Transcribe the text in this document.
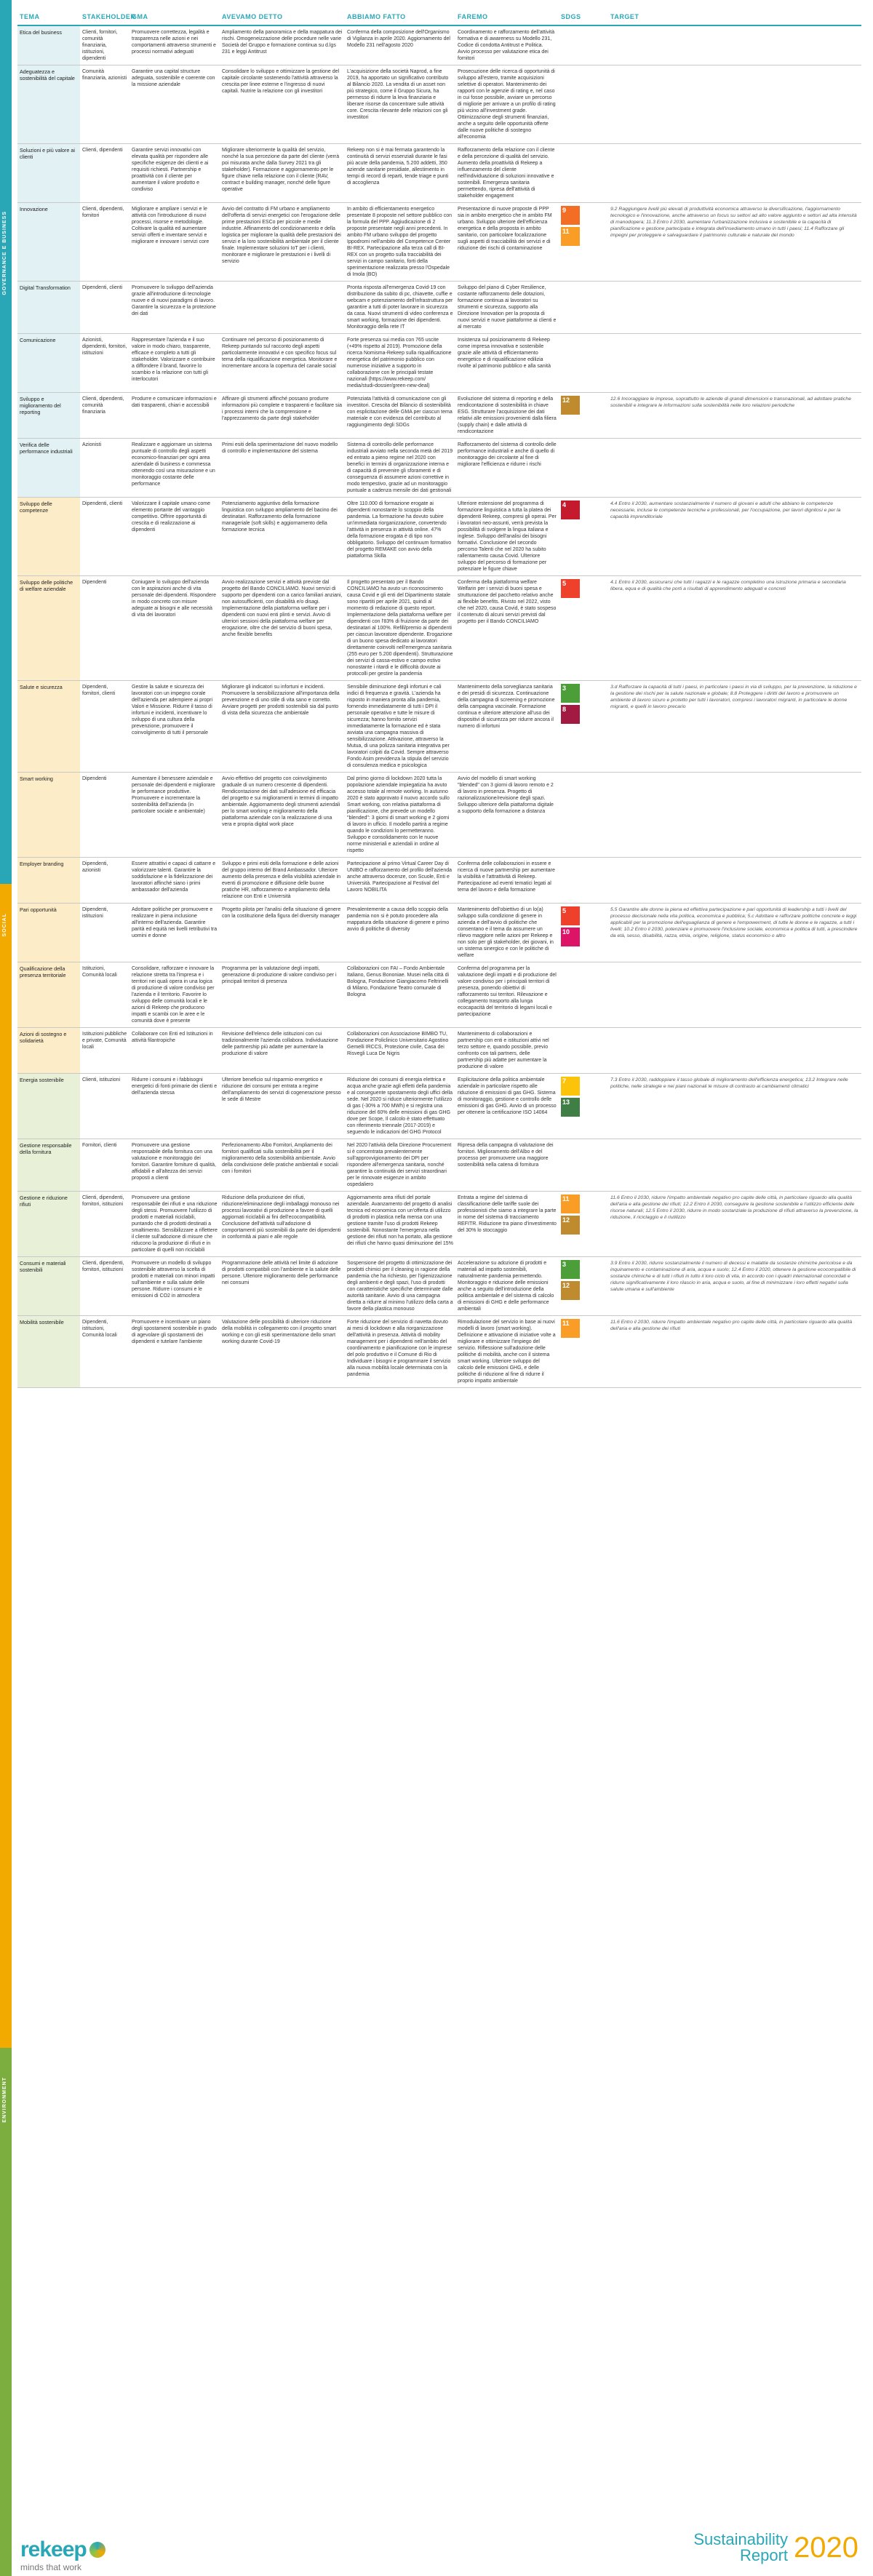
GOVERNANCE E BUSINESS
SOCIAL
ENVIRONMENT
TEMA	STAKEHOLDER
GMA	AVEVAMO DETTO	ABBIAMO FATTO	FAREMO	SDGS	TARGET
Etica del business	Clienti, fornitori, comunità finanziaria, istituzioni, dipendenti
Promuovere correttezza, legalità e trasparenza nelle azioni e nei comportamenti attraverso strumenti e processi normativi adeguati
Ampliamento della panoramica e della mappatura dei rischi. Omogeneizzazione delle procedure nelle varie Società del Gruppo e formazione continua su d.lgs 231 e leggi Antitrust
Conferma della composizione dell'Organismo di Vigilanza in aprile 2020. Aggiornamento del Modello 231 nell'agosto 2020
Coordinamento e rafforzamento dell'attività formativa e di awareness su Modello 231, Codice di condotta Antitrust e Politica. Avvio processo per valutazione etica dei fornitori
Adeguatezza e sostenibilità del capitale
Comunità finanziaria, azionisti
Garantire una capital structure adeguata, sostenibile e coerente con la missione aziendale
Consolidare lo sviluppo e ottimizzare la gestione del capitale circolante sostenendo l'attività attraverso la crescita per linee esterne e l'ingresso di nuovi capitali. Nutrire la relazione con gli investitori
L'acquisizione della società Naprod, a fine 2019, ha apportato un significativo contributo al Bilancio 2020. La vendita di un asset non più strategico, come il Gruppo Sicura, ha permesso di ridurre la leva finanziaria e liberare risorse da concentrare sulle attività core. Crescita rilevante delle relazioni con gli investitori
Prosecuzione delle ricerca di opportunità di sviluppo all'estero, tramite acquisizioni selettive di operatori. Mantenimento dei rapporti con le agenzie di rating e, nel caso in cui fosse possibile, avviare un percorso di migliorie per arrivare a un profilo di rating più vicino all'investment grade. Ottimizzazione degli strumenti finanziari, anche a seguito delle opportunità offerte dalle nuove politiche di sostegno all'economia
Soluzioni e più valore ai clienti
Clienti, dipendenti	Garantire servizi innovativi con elevata qualità per rispondere alle specifiche esigenze dei clienti e ai requisiti richiesti. Partnership e proattività con il cliente per aumentare il valore prodotto e condiviso
Migliorare ulteriormente la qualità del servizio, nonché la sua percezione da parte del cliente (verrà poi misurata anche dalla Survey 2021 tra gli stakeholder). Formazione e aggiornamento per le figure chiave nella relazione con il cliente (RAV, contract e building manager, nonché delle figure operative
Rekeep non si è mai fermata garantendo la continuità di servizi essenziali durante le fasi più acute della pandemia, 5.200 addetti, 350 aziende sanitarie presidiate, allestimento in tempi di record di reparti, tende triage e punti di accoglienza
Rafforzamento della relazione con il cliente e della percezione di qualità del servizio. Aumento della proattività di Rekeep a influenzamento del cliente nell'individuazione di soluzioni innovative e sostenibili. Emergenza sanitaria permettendo, ripresa dell'attività di stakeholder engagement
Innovazione	Clienti, dipendenti, fornitori
Migliorare e ampliare i servizi e le attività con l'introduzione di nuovi processi, risorse e metodologie. Coltivare la qualità ed aumentare servizi offerti e inventare servizi e migliorare e innovare i servizi core
Avvio del contratto di FM urbano e ampliamento dell'offerta di servizi energetici con l'erogazione delle prime prestazioni ESCo per piccole e medie industrie. Affinamento del condizionamento e della logistica per migliorare la qualità delle prestazioni dei servizi e la loro sostenibilità ambientale per il cliente finale. Implementare soluzioni IoT per i clienti, monitorare e migliorare le prestazioni e i livelli di servizio
In ambito di efficientamento energetico presentate 8 proposte nel settore pubblico con la formula del PPP. Aggiudicazione di 2 proposte presentate negli anni precedenti. In ambito FM urbano sviluppo del progetto Ippodromi nell'ambito del Competence Center BI-REX. Partecipazione alla terza call di BI-REX con un progetto sulla tracciabilità dei servizi in campo sanitario, forti della sperimentazione realizzata presso l'Ospedale di Imola (BO)
Presentazione di nuove proposte di PPP sia in ambito energetico che in ambito FM urbano. Sviluppo ulteriore dell'efficienza energetica e della proposta in ambito sanitario, con particolare focalizzazione sugli aspetti di tracciabilità dei servizi e di riduzione dei rischi di contaminazione
9
11
9.2 Raggiungere livelli più elevati di produttività economica attraverso la diversificazione, l'aggiornamento tecnologico e l'innovazione, anche attraverso un focus su settori ad alto valore aggiunto e settori ad alta intensità di manodopera; 11.3 Entro il 2030, aumentare l'urbanizzazione inclusiva e sostenibile e la capacità di pianificazione e gestione partecipata e integrata dell'insediamento umano in tutti i paesi; 11.4 Rafforzare gli impegni per proteggere e salvaguardare il patrimonio culturale e naturale del mondo
Digital Transformation	Dipendenti, clienti	Promuovere lo sviluppo dell'azienda grazie all'introduzione di tecnologie nuove e di nuovi paradigmi di lavoro. Garantire la sicurezza e la protezione dei dati
Pronta risposta all'emergenza Covid-19 con distribuzione da subito di pc, chiavette, cuffie e webcam e potenziamento dell'infrastruttura per garantire a tutti di poter lavorare in sicurezza da casa. Nuovi strumenti di video conferenza e smart working, formazione dei dipendenti. Monitoraggio della rete IT
Sviluppo del piano di Cyber Resilience, costante rafforzamento delle dotazioni, formazione continua ai lavoratori su strumenti e sicurezza, supporto alla Direzione Innovation per la proposta di nuovi servizi e nuove piattaforme ai clienti e al mercato
Comunicazione	Azionisti, dipendenti, fornitori, istituzioni
Rappresentare l'azienda e il suo valore in modo chiaro, trasparente, efficace e completo a tutti gli stakeholder. Valorizzare e contribuire a diffondere il brand, favorire lo scambio e la relazione con tutti gli interlocutori
Continuare nel percorso di posizionamento di Rekeep puntando sul racconto degli aspetti particolarmente innovativi e con specifico focus sul tema della riqualificazione energetica. Monitorare e incrementare ancora la copertura del canale social
Forte presenza sui media con 765 uscite (+49% rispetto al 2019). Promozione della ricerca Nomisma-Rekeep sulla riqualificazione energetica del patrimonio pubblico con numerose iniziative a supporto in collaborazione con le principali testate nazionali (https://www.rekeep.com/ media/studi-dossier/green-new-deal)
Insistenza sul posizionamento di Rekeep come impresa innovativa e sostenibile grazie alle attività di efficientamento energetico e di riqualificazione edilizia rivolte al patrimonio pubblico e alla sanità
Sviluppo e miglioramento del reporting
Clienti, dipendenti, comunità finanziaria
Produrre e comunicare informazioni e dati trasparenti, chiari e accessibili
Affinare gli strumenti affinché possano produrre informazioni più complete e trasparenti e facilitare sia i processi interni che la comprensione e l'apprezzamento da parte degli stakeholder
Potenziata l'attività di comunicazione con gli investitori. Crescita del Bilancio di sostenibilità con esplicitazione delle GMA per ciascun tema materiale e con evidenza del contributo al raggiungimento degli SDGs
Evoluzione del sistema di reporting e della rendicontazione di sostenibilità in chiave ESG. Strutturare l'acquisizione dei dati relativi alle emissioni provenienti dalla filiera (supply chain) e dalle attività di rendicontazione
12	12.6 Incoraggiare le imprese, soprattutto le aziende di grandi dimensioni e transnazionali, ad adottare pratiche sostenibili e integrare le informazioni sulla sostenibilità nelle loro relazioni periodiche
Verifica delle performance industriali
Azionisti	Realizzare e aggiornare un sistema puntuale di controllo degli aspetti economico-finanziari per ogni area aziendale di business e commessa ottenendo così una misurazione e un monitoraggio costante delle performance
Primi esiti della sperimentazione del nuovo modello di controllo e implementazione del sistema
Sistema di controllo delle performance industriali avviato nella seconda metà del 2019 ed entrato a pieno regime nel 2020 con benefici in termini di organizzazione interna e di capacità di prevenire gli sforamenti e di conseguenza di assumere azioni correttive in modo tempestivo, grazie ad un monitoraggio puntuale a cadenza mensile dei dati gestionali
Rafforzamento del sistema di controllo delle performance industriali e anche di quello di monitoraggio dei circolante al fine di migliorare l'efficienza e ridurre i rischi
Sviluppo delle competenze
Dipendenti, clienti	Valorizzare il capitale umano come elemento portante del vantaggio competitivo. Offrire opportunità di crescita e di realizzazione ai dipendenti
Potenziamento aggiuntivo della formazione linguistica con sviluppo ampliamento del bacino dei destinatari. Rafforzamento della formazione manageriale (soft skills) e aggiornamento della formazione tecnica
Oltre 110.000 di formazione erogate ai dipendenti nonostante lo scoppio della pandemia. La formazione ha dovuto subire un'immediata riorganizzazione, convertendo l'attività in presenza in attività online. 47% della formazione erogata è di tipo non obbligatorio. Sviluppo del continuum formativo del progetto REMAKE con avvio della piattaforma Skilla
Ulteriore estensione del programma di formazione linguistica a tutta la platea dei dipendenti Rekeep, compresi gli operai. Per i lavoratori neo-assunti, verrà prevista la possibilità di svolgere la lingua italiana e inglese. Sviluppo dell'analisi dei bisogni formativi. Conclusione del secondo percorso Talenti che nel 2020 ha subito rallentamento causa Covid. Ulteriore sviluppo del percorso di formazione per potenziare le figure chiave
4	4.4 Entro il 2030, aumentare sostanzialmente il numero di giovani e adulti che abbiano le competenze necessarie, incluse le competenze tecniche e professionali, per l'occupazione, per lavori dignitosi e per la capacità imprenditoriale
Sviluppo delle politiche di welfare aziendale
Dipendenti	Coniugare lo sviluppo dell'azienda con le aspirazioni anche di vita personale dei dipendenti. Rispondere in modo concreto con misure adeguate ai bisogni e alle necessità di vita dei lavoratori
Avvio realizzazione servizi e attività previste dal progetto del Bando CONCILIAMO. Nuovi servizi di supporto per dipendenti con a carico familiari anziani, non autosufficienti, con disabilità e/o disagi. Implementazione della piattaforma welfare per i dipendenti con nuovi enti plinti e servizi. Avvio di ulteriori sessioni della piattaforma welfare per erogazione, oltre che del servizio di buoni spesa, anche flexible benefits
Il progetto presentato per il Bando CONCILIAMO ha avuto un riconoscimento causa Covid e gli enti del Dipartimento statale sono ripartiti per aprile 2021, quindi al momento di redazione di questo report. Implementazione della piattaforma welfare per dipendenti con l'83% di fruizione da parte dei destinatari al 100%. Refill/premio ai dipendenti per ciascun lavoratore dipendente. Erogazione di un buono spesa dedicato ai lavoratori direttamente coinvolti nell'emergenza sanitaria (255 euro per 5.200 dipendenti). Strutturazione dei servizi di cassa-estivo e campo estivo nonostante i ritardi e le difficoltà dovute ai protocolli per gestire la pandemia
Conferma della piattaforma welfare Welfarin per i servizi di buoni spesa e strutturazione del pacchetto relativo anche ai flexible benefits. Rivisto nel 2022, visto che nel 2020, causa Covid, è stato sospeso il contenuto di alcuni servizi previsti dal progetto per il Bando CONCILIAMO
5	4.1 Entro il 2030, assicurarsi che tutti i ragazzi e le ragazze completino una istruzione primaria e secondaria libera, equa e di qualità che porti a risultati di apprendimento adeguati e concreti
Salute e sicurezza	Dipendenti, fornitori, clienti
Gestire la salute e sicurezza dei lavoratori con un impegno corale dell'azienda per adempiere ai propri Valori e Missione. Ridurre il tasso di infortuni e incidenti, incentivare lo sviluppo di una cultura della prevenzione, promuovere il coinvolgimento di tutti il personale
Migliorare gli indicatori su infortuni e incidenti. Promuovere la sensibilizzazione all'importanza della prevenzione e di uno stile di vita sano e corretto. Avviare progetti per prodotti sostenibili sia dal punto di vista della sicurezza che ambientale
Sensibile diminuzione degli infortuni e cali indici di frequenza e gravità. L'azienda ha risposto in maniera pronta alla pandemia, fornendo immediatamente di tutti i DPI il personale operativo e tutte le misure di sicurezza; hanno fornito servizi immediatamente la formazione ed è stata avviata una campagna massiva di sensibilizzazione. Attivazione, attraverso la Mutua, di una polizza sanitaria integrativa per lavoratori colpiti da Covid. Sempre attraverso Fondo Asim previdenza la stipula del servizio di consulenza medica e psicologica
Mantenimento della sorveglianza sanitaria e dei presidi di sicurezza. Continuazione della campagna di screening e promozione della campagna vaccinale. Formazione continua e ulteriore attenzione all'uso dei dispositivi di sicurezza per ridurre ancora il numero di infortuni
3
8
3.d Rafforzare la capacità di tutti i paesi, in particolare i paesi in via di sviluppo, per la prevenzione, la riduzione e la gestione dei rischi per la salute nazionale e globale; 8.8 Proteggere i diritti del lavoro e promuovere un ambiente di lavoro sicuro e protetto per tutti i lavoratori, compresi i lavoratori migranti, in particolare le donne migranti, e quelli in lavoro precario
Smart working	Dipendenti	Aumentare il benessere aziendale e personale dei dipendenti e migliorare le performance produttive. Promuovere e incrementare la sostenibilità dell'azienda (in particolare sociale e ambientale)
Avvio effettivo del progetto con coinvolgimento graduale di un numero crescente di dipendenti. Rendicontazione dei dati sull'adesione ed efficacia del progetto e sui miglioramenti in termini di impatto ambientale. Aggiornamento degli strumenti aziendali per lo smart working e miglioramento della piattaforma aziendale con la realizzazione di una vera e propria digital work place
Dal primo giorno di lockdown 2020 tutta la popolazione aziendale impiegatizia ha avuto accesso totale al remote working. In autunno 2020 è stato approvato il nuovo accordo sullo Smart working, con relativa piattaforma di pianificazione, che prevede un modello "blended": 3 giorni di smart working e 2 giorni di lavoro in ufficio. Il modello partirà a regime quando le condizioni lo permetteranno. Sviluppo e consolidamento con le nuove norme ministeriali e aziendali in ordine al rispetto
Avvio del modello di smart working "blended" con 3 giorni di lavoro remoto e 2 di lavoro in presenza. Progetto di razionalizzazione/revisione degli spazi. Sviluppo ulteriore della piattaforma digitale a supporto della formazione a distanza
Employer branding	Dipendenti, azionisti
Essere attrattivi e capaci di cattarre e valorizzare talenti. Garantire la soddisfazione e la fidelizzazione dei lavoratori affinché siano i primi ambassador dell'azienda
Sviluppo e primi esiti della formazione e delle azioni del gruppo interno del Brand Ambassador. Ulteriore aumento della presenza e della visibilità aziendale in eventi di promozione e diffusione delle buone pratiche HR, rafforzamento e ampliamento della relazione con Enti e Università
Partecipazione al primo Virtual Career Day di UNIBO e rafforzamento del profilo dell'azienda anche attraverso docenze, con Scuole, Enti e Università. Partecipazione al Festival del Lavoro NOBILITA
Conferma delle collaborazioni in essere e ricerca di nuove partnership per aumentare la visibilità e l'attrattività di Rekeep. Partecipazione ad eventi tematici legati al tema del lavoro e della formazione
Pari opportunità	Dipendenti, istituzioni
Adottare politiche per promuovere e realizzare in piena inclusione all'interno dell'azienda. Garantire parità ed equità nei livelli retributivi tra uomini e donne
Progetto pilota per l'analisi della situazione di genere con la costituzione della figura del diversity manager
Prevalentemente a causa dello scoppio della pandemia non si è potuto procedere alla mappatura della situazione di genere e primo avvio di politiche di diversity
Mantenimento dell'obiettivo di un lo(a) sviluppo sulla condizione di genere in azienda e dell'avvio di politiche che consentano e il tema da assumere un rilievo maggiore nelle azioni per Rekeep e non solo per gli stakeholder, dei giovani, in un sistema sinergico e con le politiche di welfare
5
10
5.5 Garantire alle donne la piena ed effettiva partecipazione e pari opportunità di leadership a tutti i livelli del processo decisionale nella vita politica, economica e pubblica; 5.c Adottare e rafforzare politiche concrete e leggi applicabili per la promozione dell'eguaglianza di genere e l'empowerment, di tutte le donne e le ragazze, a tutti i livelli; 10.2 Entro il 2030, potenziare e promuovere l'inclusione sociale, economica e politica di tutti, a prescindere da età, sesso, disabilità, razza, etnia, origine, religione, status economico o altro
Qualificazione della presenza territoriale
Istituzioni, Comunità locali
Consolidare, rafforzare e innovare la relazione stretta tra l'impresa e i territori nei quali opera in una logica di produzione di valore condiviso per l'azienda e il territorio. Favorire lo sviluppo delle comunità locali e le azioni di Rekeep che producono impatti e scambi con le aree e le comunità dove è presente
Programma per la valutazione degli impatti, generazione di produzione di valore condiviso per i principali territori di presenza
Collaborazioni con FAI – Fondo Ambientale Italiano, Genus Bononiae. Musei nella città di Bologna, Fondazione Giangiacomo Feltrinelli di Milano, Fondazione Teatro comunale di Bologna
Conferma del programma per la valutazione degli impatti e di produzione del valore condiviso per i principali territori di presenza, ponendo obiettivi di rafforzamento sui territori. Rilevazione e collegamento trasporto alla lunga ecocapacità del territorio di legami locali e partecipazione
Azioni di sostegno e solidarietà
Istituzioni pubbliche e private, Comunità locali
Collaborare con Enti ed Istituzioni in attività filantropiche
Revisione dell'elenco delle istituzioni con cui tradizionalmente l'azienda collabora. Individuazione delle partnership più adatte per aumentare la produzione di valore
Collaborazioni con Associazione BIMBO TU, Fondazione Policlinico Universitario Agostino Gemelli IRCCS, Protezione civile, Casa dei Risvegli Luca De Nigris
Mantenimento di collaborazioni e partnership con enti e istituzioni attivi nel terzo settore e, quando possibile, previo confronto con tali partners, delle partnership più adatte per aumentare la produzione di valore
Energia sostenibile	Clienti, istituzioni	Ridurre i consumi e i fabbisogni energetici di fonti primarie dei clienti e dell'azienda stessa
Ulteriore beneficio sul risparmio energetico e riduzione dei consumi per entrata a regime dell'ampliamento dei servizi di cogenerazione presso le sede di Mestre
Riduzione dei consumi di energia elettrica e acqua anche grazie agli effetti della pandemia e al conseguente spostamento degli uffici della sede. Nel 2020 si riduce ulteriormente l'utilizzo di gas (-30% a 700 MWh) e si registra una riduzione del 60% delle emissioni di gas GHG dove per Scope, Il calcolo è stato effettuato con riferimento triennale (2017-2019) e seguendo le indicazioni del GHG Protocol
Esplicitazione della politica ambientale aziendale in particolare rispetto alle riduzione di emissioni di gas GHG. Sistema di monitoraggio, gestione e controllo delle emissioni di gas GHG. Avvio di un processo per ottenere la certificazione ISO 14064
7
13
7.3 Entro il 2030, raddoppiare il tasso globale di miglioramento dell'efficienza energetica; 13.2 Integrare nelle politiche, nelle strategie e nei piani nazionali le misure di contrasto ai cambiamenti climatici
Gestione responsabile della fornitura
Fornitori, clienti	Promuovere una gestione responsabile della fornitura con una valutazione e monitoraggio dei fornitori. Garantire forniture di qualità, affidabili e all'altezza dei servizi proposti a clienti
Perfezionamento Albo Fornitori, Ampliamento dei fornitori qualificati sulla sostenibilità per il miglioramento della sostenibilità ambientale. Avvio della condivisione delle pratiche ambientali e sociali con i fornitori
Nel 2020 l'attività della Direzione Procurement si è concentrata prevalentemente sull'approvvigionamento dei DPI per rispondere all'emergenza sanitaria, nonché garantire la continuità dei servizi straordinari per le rinnovate esigenze in ambito ospedaliero
Ripresa della campagna di valutazione dei fornitori. Miglioramento dell'Albo e del processo per promuovere una maggiore sostenibilità nella catena di fornitura
Gestione e riduzione rifiuti
Clienti, dipendenti, fornitori, istituzioni
Promuovere una gestione responsabile dei rifiuti e una riduzione degli stessi. Promuovere l'utilizzo di prodotti e materiali riciclabili, puntando che di prodotti destinati a smaltimento. Sensibilizzare a riflettere il cliente sull'adozione di misure che riducono la produzione di rifiuti e in particolare di quelli non riciclabili
Riduzione della produzione dei rifiuti, riduzione/eliminazione degli imballaggi monouso nei processi lavorativi di produzione a favore di quelli aggiornati riciclabili ai fini dell'ecocompatibilità. Conclusione dell'attività sull'adozione di comportamenti più sostenibili da parte dei dipendenti in conformità ai piani e alle regole
Aggiornamento area rifiuti del portale aziendale. Avanzamento del progetto di analisi tecnica ed economica con un'offerta di utilizzo di prodotti in plastica nella mensa con una gestione tramite l'uso di prodotti Rekeep sostenibili. Nonostante l'emergenza nella gestione dei rifiuti non ha portato, alla gestione dei rifiuti che hanno quasi diminuzione del 15%
Entrata a regime del sistema di classificazione delle tariffe suole dei professionisti che siamo a integrare la parte in nome del sistema di tracciamento REFITR. Riduzione tra piano d'investimento del 30% lo stoccaggio
11
12
11.6 Entro il 2030, ridurre l'impatto ambientale negativo pro capite delle città, in particolare riguardo alla qualità dell'aria e alla gestione dei rifiuti; 12.2 Entro il 2030, conseguire la gestione sostenibile e l'utilizzo efficiente delle risorse naturali; 12.5 Entro il 2030, ridurre in modo sostanziale la produzione di rifiuti attraverso la prevenzione, la riduzione, il riciclaggio e il riutilizzo
Consumi e materiali sostenibili
Clienti, dipendenti, fornitori, istituzioni
Promuovere un modello di sviluppo sostenibile attraverso la scelta di prodotti e materiali con minori impatti sull'ambiente e sulla salute delle persone. Ridurre i consumi e le emissioni di CO2 in atmosfera
Programmazione delle attività nel limite di adozione di prodotti compatibili con l'ambiente e la salute delle persone. Ulteriore miglioramento delle performance nei consumi
Sospensione del progetto di ottimizzazione dei prodotti chimici per il cleaning in ragione della pandemia che ha richiesto, per l'igienizzazione degli ambienti e degli spazi, l'uso di prodotti con caratteristiche specifiche determinate dalle autorità sanitarie. Avvio di una campagna diretta a ridurre al minimo l'utilizzo della carta a favore della plastica monouso
Accelerazione su adozione di prodotti e materiali ad impatto sostenibili, naturalmente pandemia permettendo. Monitoraggio e riduzione delle emissioni anche a seguito dell'introduzione della politica ambientale e del sistema di calcolo di emissioni di GHG e delle performance ambientali
3
12
3.9 Entro il 2030, ridurre sostanzialmente il numero di decessi e malattie da sostanze chimiche pericolose e da inquinamento e contaminazione di aria, acqua e suolo; 12.4 Entro il 2020, ottenere la gestione ecocompatibile di sostanze chimiche e di tutti i rifiuti in tutto il loro ciclo di vita, in accordo con i quadri internazionali concordati e ridurre significativamente il loro rilascio in aria, acqua e suolo, al fine di minimizzare i loro effetti negativi sulla salute umana e sull'ambiente
Mobilità sostenibile	Dipendenti, istituzioni, Comunità locali
Promuovere e incentivare un piano degli spostamenti sostenibile in grado di agevolare gli spostamenti dei dipendenti e tutelare l'ambiente
Valutazione delle possibilità di ulteriore riduzione della mobilità in collegamento con il progetto smart working e con gli esiti sperimentazione dello smart working durante Covid-19
Forte riduzione del servizio di navetta dovuto ai mesi di lockdown e alla riorganizzazione dell'attività in presenza. Attività di mobility management per i dipendenti nell'ambito del coordinamento e pianificazione con le imprese del polo produttivo e il Comune di Rio di Individuare i bisogni e programmare il servizio alla nuova mobilità locale determinata con la pandemia
Rimodulazione del servizio in base ai nuovi modelli di lavoro (smart working). Definizione e attivazione di iniziative volte a migliorare e ottimizzare l'impiego del servizio. Riflessione sull'adozione delle politiche di mobilità, anche con il sistema smart working. Ulteriore sviluppo del calcolo delle emissioni GHG, e delle politiche di riduzione al fine di ridurre il proprio impatto ambientale
11	11.6 Entro il 2030, ridurre l'impatto ambientale negativo pro capite delle città, in particolare riguardo alla qualità dell'aria e alla gestione dei rifiuti
rekeep
minds that work
Sustainability
Report 2020
